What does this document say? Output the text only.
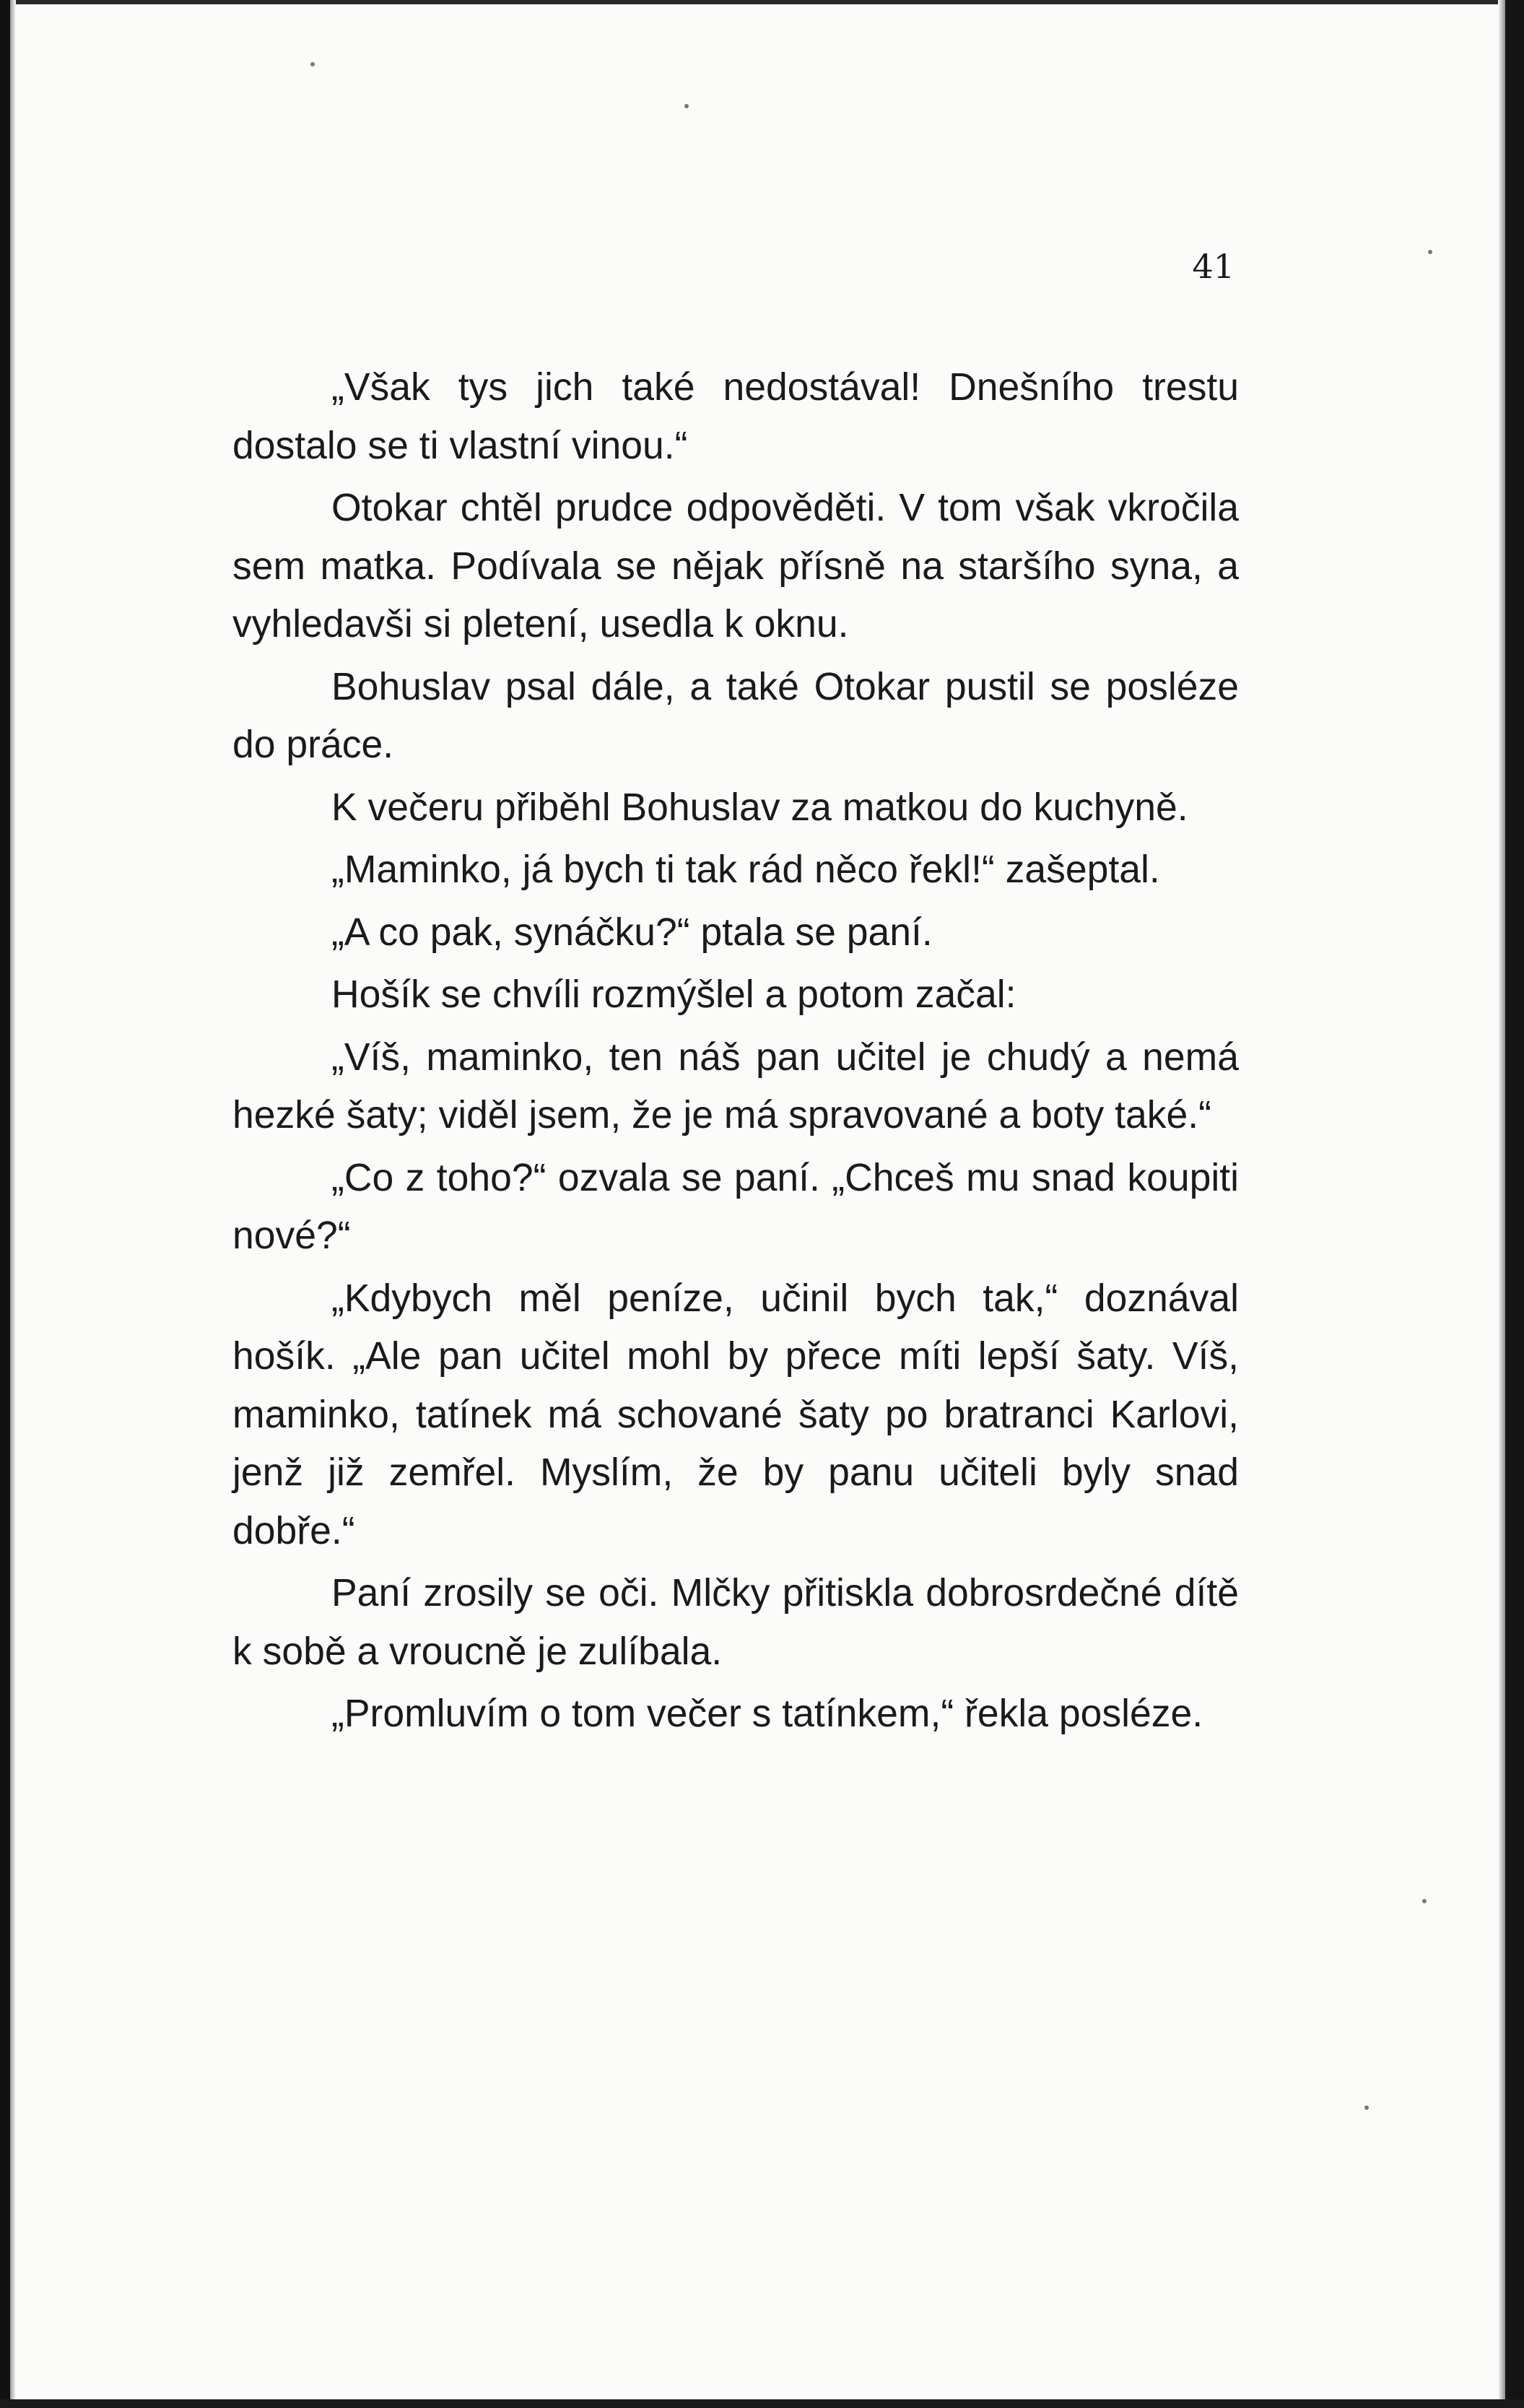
41

„Však tys jich také nedostával! Dnešního trestu dostalo se ti vlastní vinou.“

Otokar chtěl prudce odpověděti. V tom však vkročila sem matka. Podívala se nějak přísně na staršího syna, a vyhledavši si pletení, usedla k oknu.

Bohuslav psal dále, a také Otokar pustil se posléze do práce.

K večeru přiběhl Bohuslav za matkou do kuchyně.

„Maminko, já bych ti tak rád něco řekl!“ zašeptal.

„A co pak, synáčku?“ ptala se paní.

Hošík se chvíli rozmýšlel a potom začal:

„Víš, maminko, ten náš pan učitel je chudý a nemá hezké šaty; viděl jsem, že je má spravované a boty také.“

„Co z toho?“ ozvala se paní. „Chceš mu snad koupiti nové?“

„Kdybych měl peníze, učinil bych tak,“ doznával hošík. „Ale pan učitel mohl by přece míti lepší šaty. Víš, maminko, tatínek má schované šaty po bratranci Karlovi, jenž již zemřel. Myslím, že by panu učiteli byly snad dobře.“

Paní zrosily se oči. Mlčky přitiskla dobrosrdečné dítě k sobě a vroucně je zulíbala.

„Promluvím o tom večer s tatínkem,“ řekla posléze.
